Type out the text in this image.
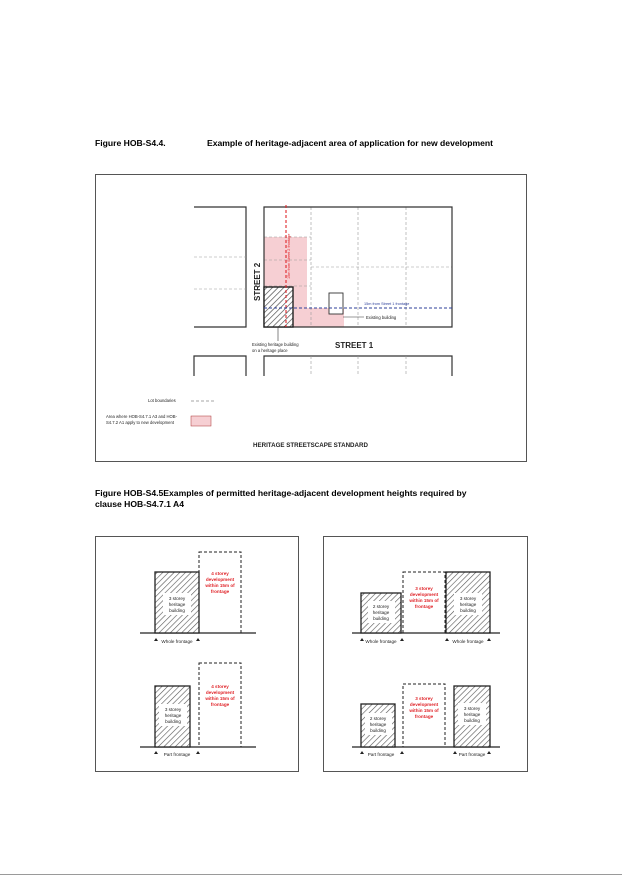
Figure HOB-S4.4.	Example of heritage-adjacent area of application for new development
Existing building
15m from Street 2 frontage
15m from Street 1 frontage
STREET 2
Existing heritage building
on a heritage place
STREET 1
Lot boundaries
Area where HOB-S4.7.1 A3 and HOB-
S4.7.2 A1 apply to new development
HERITAGE STREETSCAPE STANDARD
Figure HOB-S4.5Examples of permitted heritage-adjacent development heights required by
clause HOB-S4.7.1 A4
3 storey
heritage
building
4 storey
development
within 15m of
frontage
Whole frontage
3 storey
heritage
building
4 storey
development
within 15m of
frontage
Part frontage
2 storey
heritage
building
3 storey
development
within 15m of
frontage
3 storey
heritage
building
Whole frontage	Whole frontage
2 storey
heritage
building
3 storey
development
within 15m of
frontage
3 storey
heritage
building
Part frontage	Part frontage
